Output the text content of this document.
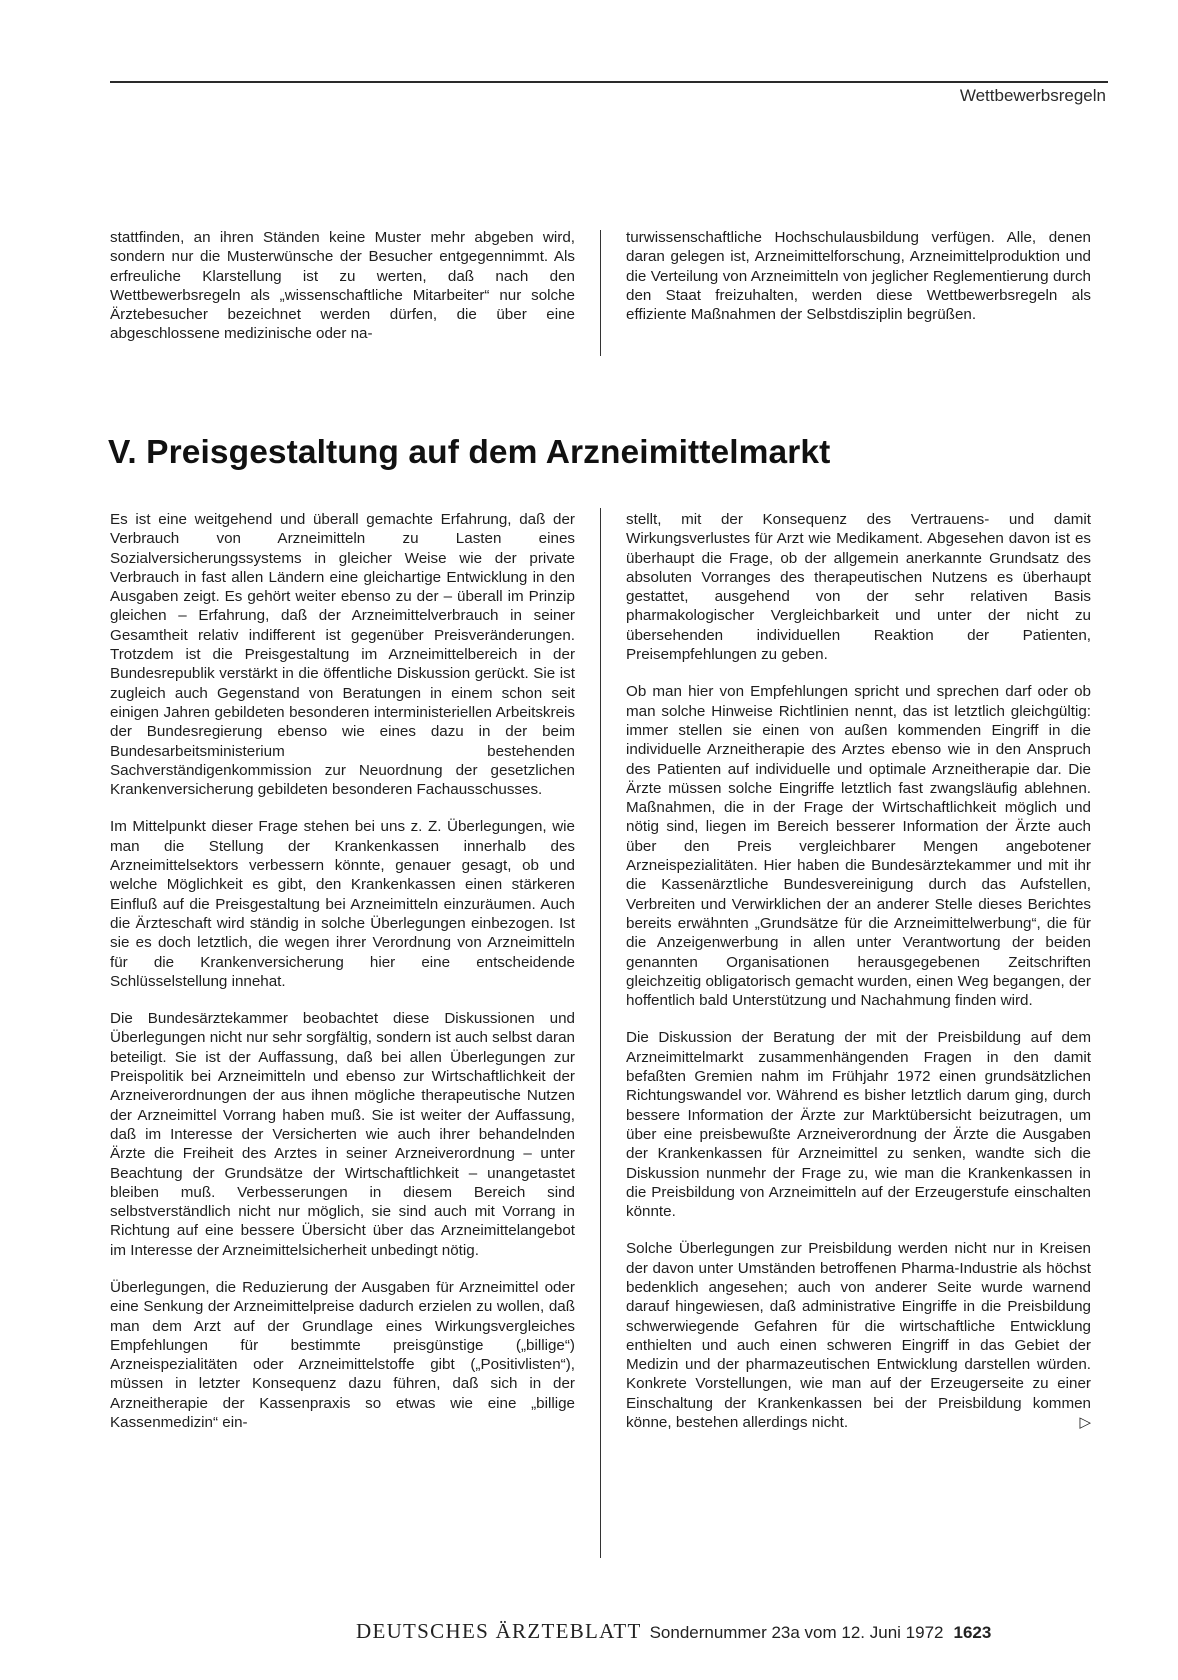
Wettbewerbsregeln

stattfinden, an ihren Ständen keine Muster mehr abgeben wird, sondern nur die Musterwünsche der Besucher entgegennimmt. Als erfreuliche Klarstellung ist zu werten, daß nach den Wettbewerbsregeln als „wissenschaftliche Mitarbeiter“ nur solche Ärztebesucher bezeichnet werden dürfen, die über eine abgeschlossene medizinische oder na-

turwissenschaftliche Hochschulausbildung verfügen. Alle, denen daran gelegen ist, Arzneimittelforschung, Arzneimittelproduktion und die Verteilung von Arzneimitteln von jeglicher Reglementierung durch den Staat freizuhalten, werden diese Wettbewerbsregeln als effiziente Maßnahmen der Selbstdisziplin begrüßen.

V. Preisgestaltung auf dem Arzneimittelmarkt

Es ist eine weitgehend und überall gemachte Erfahrung, daß der Verbrauch von Arzneimitteln zu Lasten eines Sozialversicherungssystems in gleicher Weise wie der private Verbrauch in fast allen Ländern eine gleichartige Entwicklung in den Ausgaben zeigt. Es gehört weiter ebenso zu der – überall im Prinzip gleichen – Erfahrung, daß der Arzneimittelverbrauch in seiner Gesamtheit relativ indifferent ist gegenüber Preisveränderungen. Trotzdem ist die Preisgestaltung im Arzneimittelbereich in der Bundesrepublik verstärkt in die öffentliche Diskussion gerückt. Sie ist zugleich auch Gegenstand von Beratungen in einem schon seit einigen Jahren gebildeten besonderen interministeriellen Arbeitskreis der Bundesregierung ebenso wie eines dazu in der beim Bundesarbeitsministerium bestehenden Sachverständigenkommission zur Neuordnung der gesetzlichen Krankenversicherung gebildeten besonderen Fachausschusses.

Im Mittelpunkt dieser Frage stehen bei uns z. Z. Überlegungen, wie man die Stellung der Krankenkassen innerhalb des Arzneimittelsektors verbessern könnte, genauer gesagt, ob und welche Möglichkeit es gibt, den Krankenkassen einen stärkeren Einfluß auf die Preisgestaltung bei Arzneimitteln einzuräumen. Auch die Ärzteschaft wird ständig in solche Überlegungen einbezogen. Ist sie es doch letztlich, die wegen ihrer Verordnung von Arzneimitteln für die Krankenversicherung hier eine entscheidende Schlüsselstellung innehat.

Die Bundesärztekammer beobachtet diese Diskussionen und Überlegungen nicht nur sehr sorgfältig, sondern ist auch selbst daran beteiligt. Sie ist der Auffassung, daß bei allen Überlegungen zur Preispolitik bei Arzneimitteln und ebenso zur Wirtschaftlichkeit der Arzneiverordnungen der aus ihnen mögliche therapeutische Nutzen der Arzneimittel Vorrang haben muß. Sie ist weiter der Auffassung, daß im Interesse der Versicherten wie auch ihrer behandelnden Ärzte die Freiheit des Arztes in seiner Arzneiverordnung – unter Beachtung der Grundsätze der Wirtschaftlichkeit – unangetastet bleiben muß. Verbesserungen in diesem Bereich sind selbstverständlich nicht nur möglich, sie sind auch mit Vorrang in Richtung auf eine bessere Übersicht über das Arzneimittelangebot im Interesse der Arzneimittelsicherheit unbedingt nötig.

Überlegungen, die Reduzierung der Ausgaben für Arzneimittel oder eine Senkung der Arzneimittelpreise dadurch erzielen zu wollen, daß man dem Arzt auf der Grundlage eines Wirkungsvergleiches Empfehlungen für bestimmte preisgünstige („billige“) Arzneispezialitäten oder Arzneimittelstoffe gibt („Positivlisten“), müssen in letzter Konsequenz dazu führen, daß sich in der Arzneitherapie der Kassenpraxis so etwas wie eine „billige Kassenmedizin“ ein-

stellt, mit der Konsequenz des Vertrauens- und damit Wirkungsverlustes für Arzt wie Medikament. Abgesehen davon ist es überhaupt die Frage, ob der allgemein anerkannte Grundsatz des absoluten Vorranges des therapeutischen Nutzens es überhaupt gestattet, ausgehend von der sehr relativen Basis pharmakologischer Vergleichbarkeit und unter der nicht zu übersehenden individuellen Reaktion der Patienten, Preisempfehlungen zu geben.

Ob man hier von Empfehlungen spricht und sprechen darf oder ob man solche Hinweise Richtlinien nennt, das ist letztlich gleichgültig: immer stellen sie einen von außen kommenden Eingriff in die individuelle Arzneitherapie des Arztes ebenso wie in den Anspruch des Patienten auf individuelle und optimale Arzneitherapie dar. Die Ärzte müssen solche Eingriffe letztlich fast zwangsläufig ablehnen. Maßnahmen, die in der Frage der Wirtschaftlichkeit möglich und nötig sind, liegen im Bereich besserer Information der Ärzte auch über den Preis vergleichbarer Mengen angebotener Arzneispezialitäten. Hier haben die Bundesärztekammer und mit ihr die Kassenärztliche Bundesvereinigung durch das Aufstellen, Verbreiten und Verwirklichen der an anderer Stelle dieses Berichtes bereits erwähnten „Grundsätze für die Arzneimittelwerbung“, die für die Anzeigenwerbung in allen unter Verantwortung der beiden genannten Organisationen herausgegebenen Zeitschriften gleichzeitig obligatorisch gemacht wurden, einen Weg begangen, der hoffentlich bald Unterstützung und Nachahmung finden wird.

Die Diskussion der Beratung der mit der Preisbildung auf dem Arzneimittelmarkt zusammenhängenden Fragen in den damit befaßten Gremien nahm im Frühjahr 1972 einen grundsätzlichen Richtungswandel vor. Während es bisher letztlich darum ging, durch bessere Information der Ärzte zur Marktübersicht beizutragen, um über eine preisbewußte Arzneiverordnung der Ärzte die Ausgaben der Krankenkassen für Arzneimittel zu senken, wandte sich die Diskussion nunmehr der Frage zu, wie man die Krankenkassen in die Preisbildung von Arzneimitteln auf der Erzeugerstufe einschalten könnte.

Solche Überlegungen zur Preisbildung werden nicht nur in Kreisen der davon unter Umständen betroffenen Pharma-Industrie als höchst bedenklich angesehen; auch von anderer Seite wurde warnend darauf hingewiesen, daß administrative Eingriffe in die Preisbildung schwerwiegende Gefahren für die wirtschaftliche Entwicklung enthielten und auch einen schweren Eingriff in das Gebiet der Medizin und der pharmazeutischen Entwicklung darstellen würden. Konkrete Vorstellungen, wie man auf der Erzeugerseite zu einer Einschaltung der Krankenkassen bei der Preisbildung kommen könne, bestehen allerdings nicht.	▷

DEUTSCHES ÄRZTEBLATT Sondernummer 23a vom 12. Juni 1972 1623
